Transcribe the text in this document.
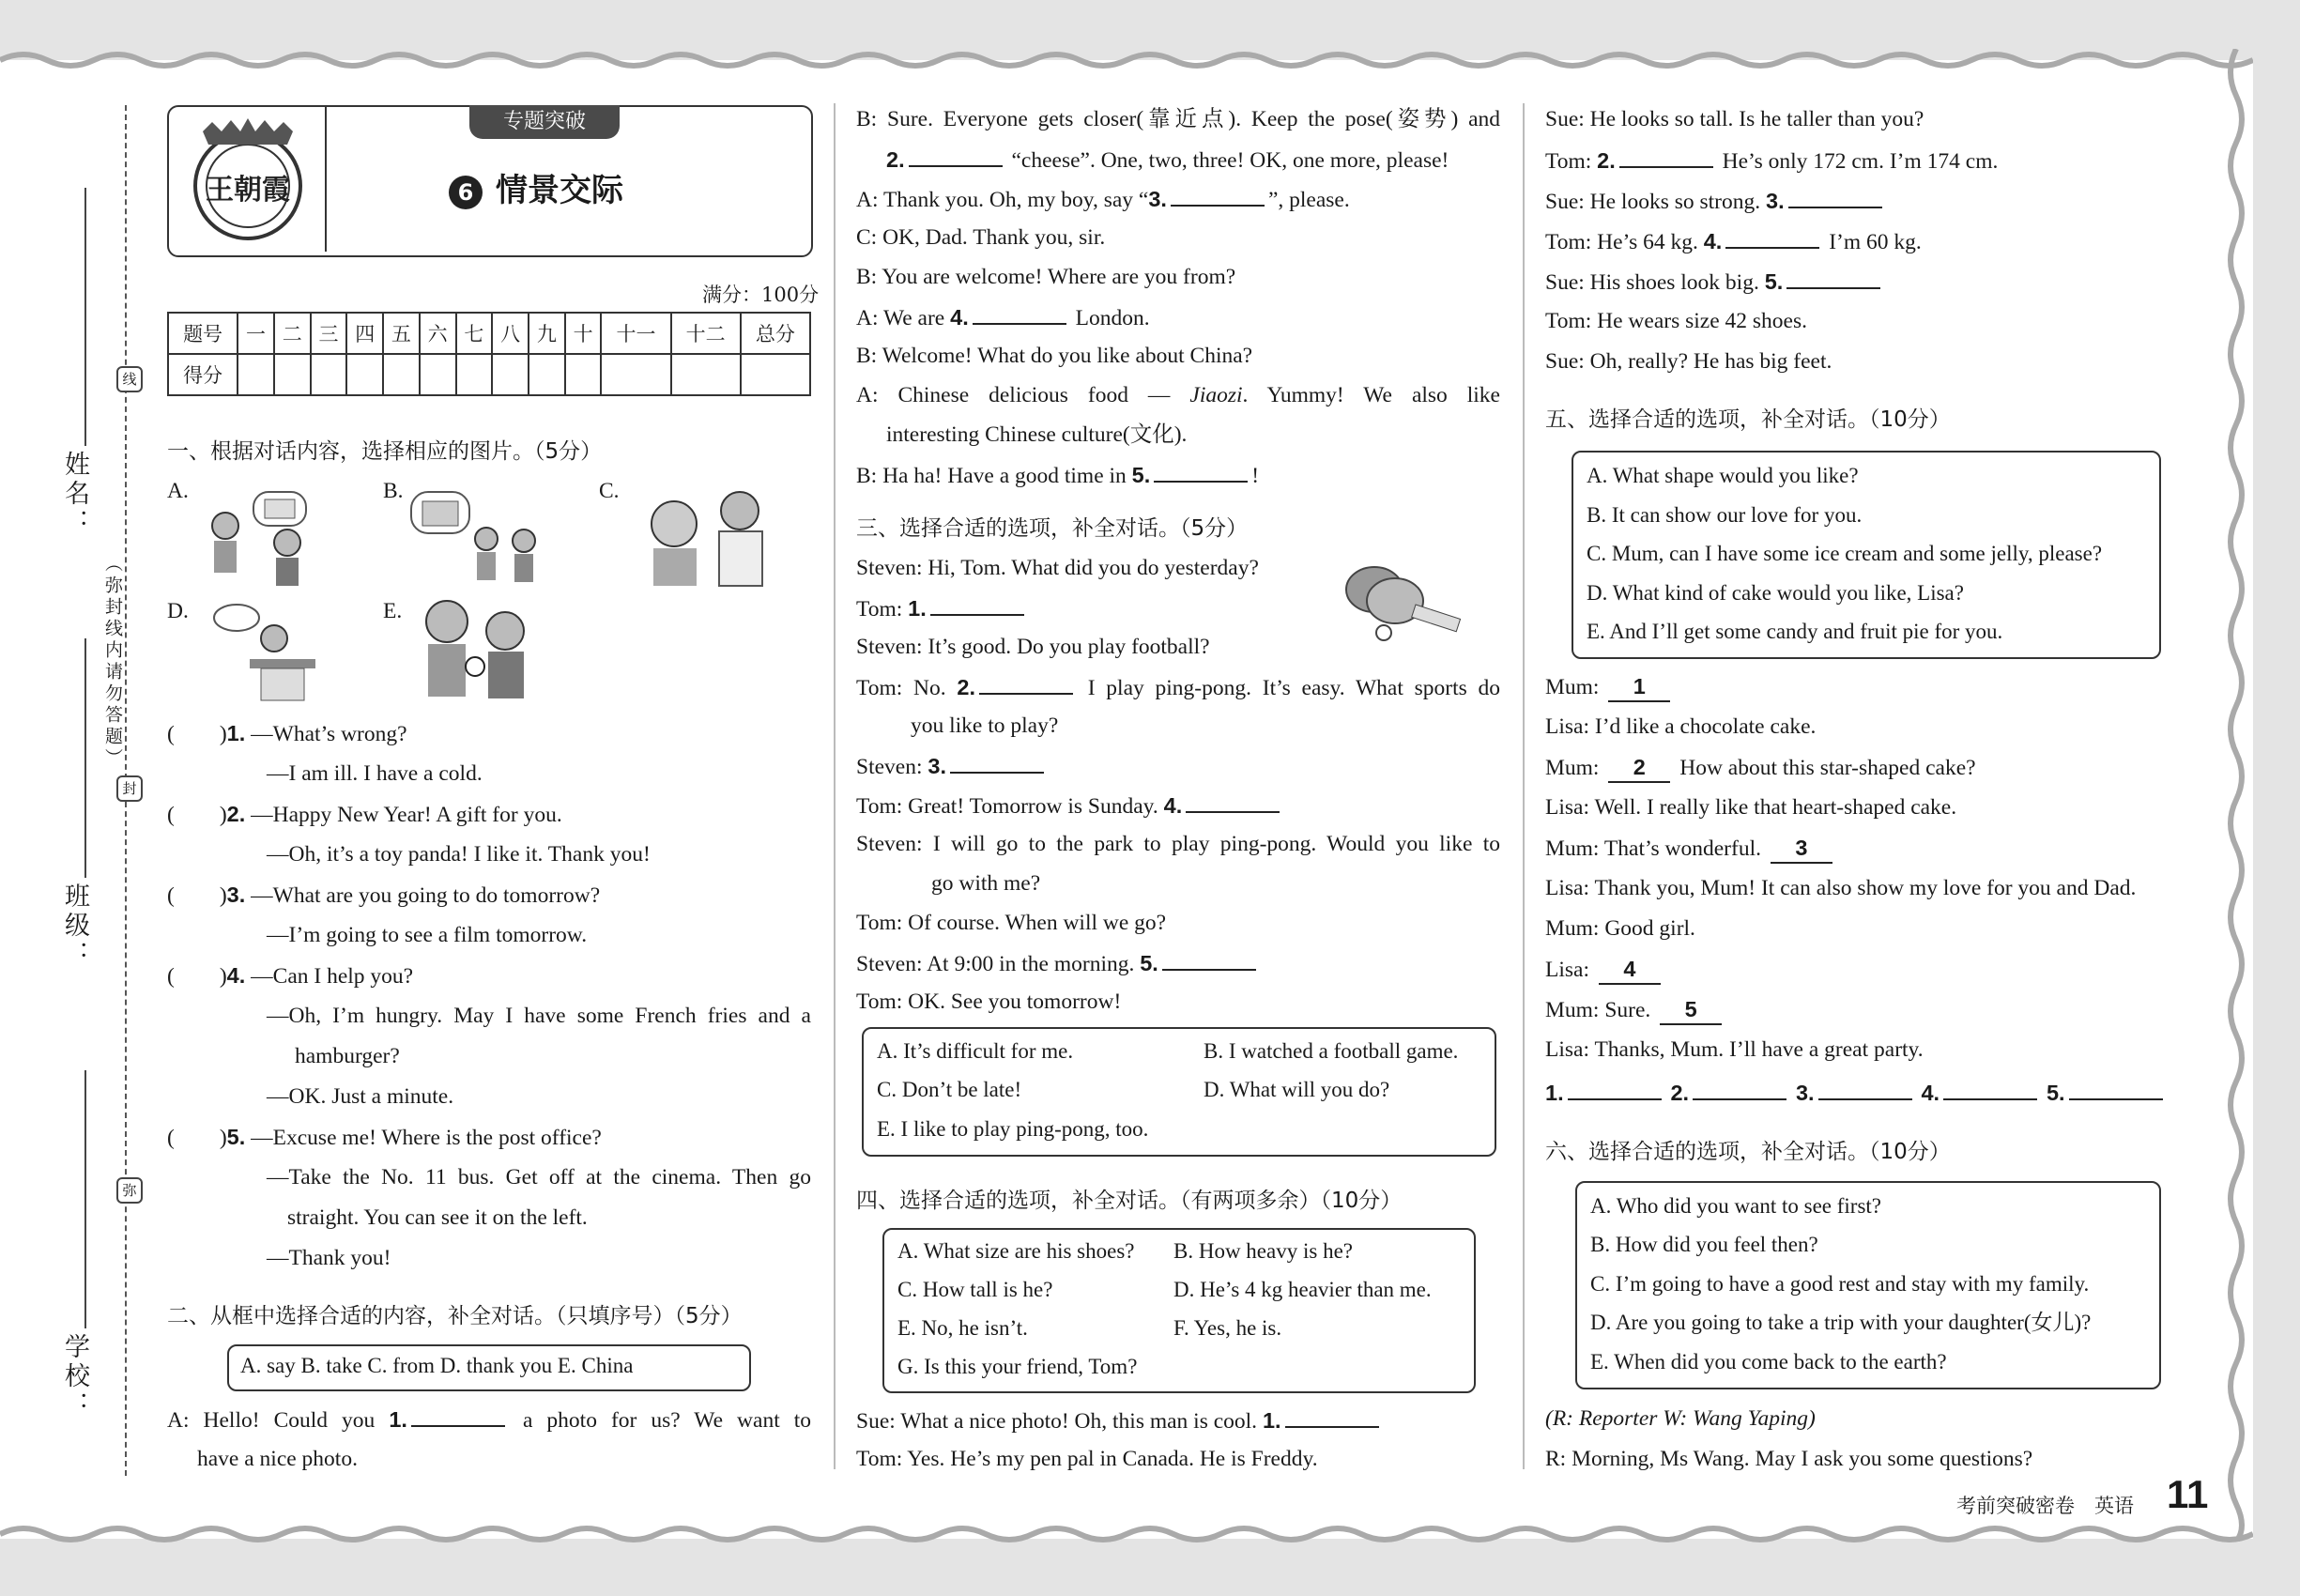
姓名：
班级：
学校：
（弥封线内请勿答题）
线
封
弥
王朝霞
专题突破
6 情景交际
满分：100分
题号	一	二	三	四	五	六	七	八	九	十	十一	十二	总分
得分													
一、根据对话内容，选择相应的图片。（5分）
A.	B.	C.
D.	E.
( )1. —What’s wrong?
—I am ill. I have a cold.
( )2. —Happy New Year! A gift for you.
—Oh, it’s a toy panda! I like it. Thank you!
( )3. —What are you going to do tomorrow?
—I’m going to see a film tomorrow.
( )4. —Can I help you?
—Oh, I’m hungry. May I have some French fries and a
hamburger?
—OK. Just a minute.
( )5. —Excuse me! Where is the post office?
—Take the No. 11 bus. Get off at the cinema. Then go
straight. You can see it on the left.
—Thank you!
二、从框中选择合适的内容，补全对话。（只填序号）（5分）
A. say B. take C. from D. thank you E. China
A: Hello! Could you 1.	a photo for us? We want to
have a nice photo.
B: Sure. Everyone gets closer(靠近点). Keep the pose(姿势) and
2.	“cheese”. One, two, three! OK, one more, please!
A: Thank you. Oh, my boy, say “3.	”, please.
C: OK, Dad. Thank you, sir.
B: You are welcome! Where are you from?
A: We are 4.	London.
B: Welcome! What do you like about China?
A: Chinese delicious food — Jiaozi. Yummy! We also like
interesting Chinese culture(文化).
B: Ha ha! Have a good time in 5.	!
三、选择合适的选项，补全对话。（5分）
Steven: Hi, Tom. What did you do yesterday?
Tom: 1.
Steven: It’s good. Do you play football?
Tom: No. 2.	I play ping-pong. It’s easy. What sports do
you like to play?
Steven: 3.
Tom: Great! Tomorrow is Sunday. 4.
Steven: I will go to the park to play ping-pong. Would you like to
go with me?
Tom: Of course. When will we go?
Steven: At 9:00 in the morning. 5.
Tom: OK. See you tomorrow!
A. It’s difficult for me.	B. I watched a football game.
C. Don’t be late!	D. What will you do?
E. I like to play ping-pong, too.
四、选择合适的选项，补全对话。（有两项多余）（10分）
A. What size are his shoes? B. How heavy is he?
C. How tall is he?	D. He’s 4 kg heavier than me.
E. No, he isn’t.	F. Yes, he is.
G. Is this your friend, Tom?
Sue: What a nice photo! Oh, this man is cool. 1.
Tom: Yes. He’s my pen pal in Canada. He is Freddy.
Sue: He looks so tall. Is he taller than you?
Tom: 2.	He’s only 172 cm. I’m 174 cm.
Sue: He looks so strong. 3.
Tom: He’s 64 kg. 4.	I’m 60 kg.
Sue: His shoes look big. 5.
Tom: He wears size 42 shoes.
Sue: Oh, really? He has big feet.
五、选择合适的选项，补全对话。（10分）
A. What shape would you like?
B. It can show our love for you.
C. Mum, can I have some ice cream and some jelly, please?
D. What kind of cake would you like, Lisa?
E. And I’ll get some candy and fruit pie for you.
Mum: 1
Lisa: I’d like a chocolate cake.
Mum: 2 How about this star-shaped cake?
Lisa: Well. I really like that heart-shaped cake.
Mum: That’s wonderful. 3
Lisa: Thank you, Mum! It can also show my love for you and Dad.
Mum: Good girl.
Lisa: 4
Mum: Sure. 5
Lisa: Thanks, Mum. I’ll have a great party.
1.	2.	3.	4.	5.
六、选择合适的选项，补全对话。（10分）
A. Who did you want to see first?
B. How did you feel then?
C. I’m going to have a good rest and stay with my family.
D. Are you going to take a trip with your daughter(女儿)?
E. When did you come back to the earth?
(R: Reporter W: Wang Yaping)
R: Morning, Ms Wang. May I ask you some questions?
考前突破密卷　英语 11
